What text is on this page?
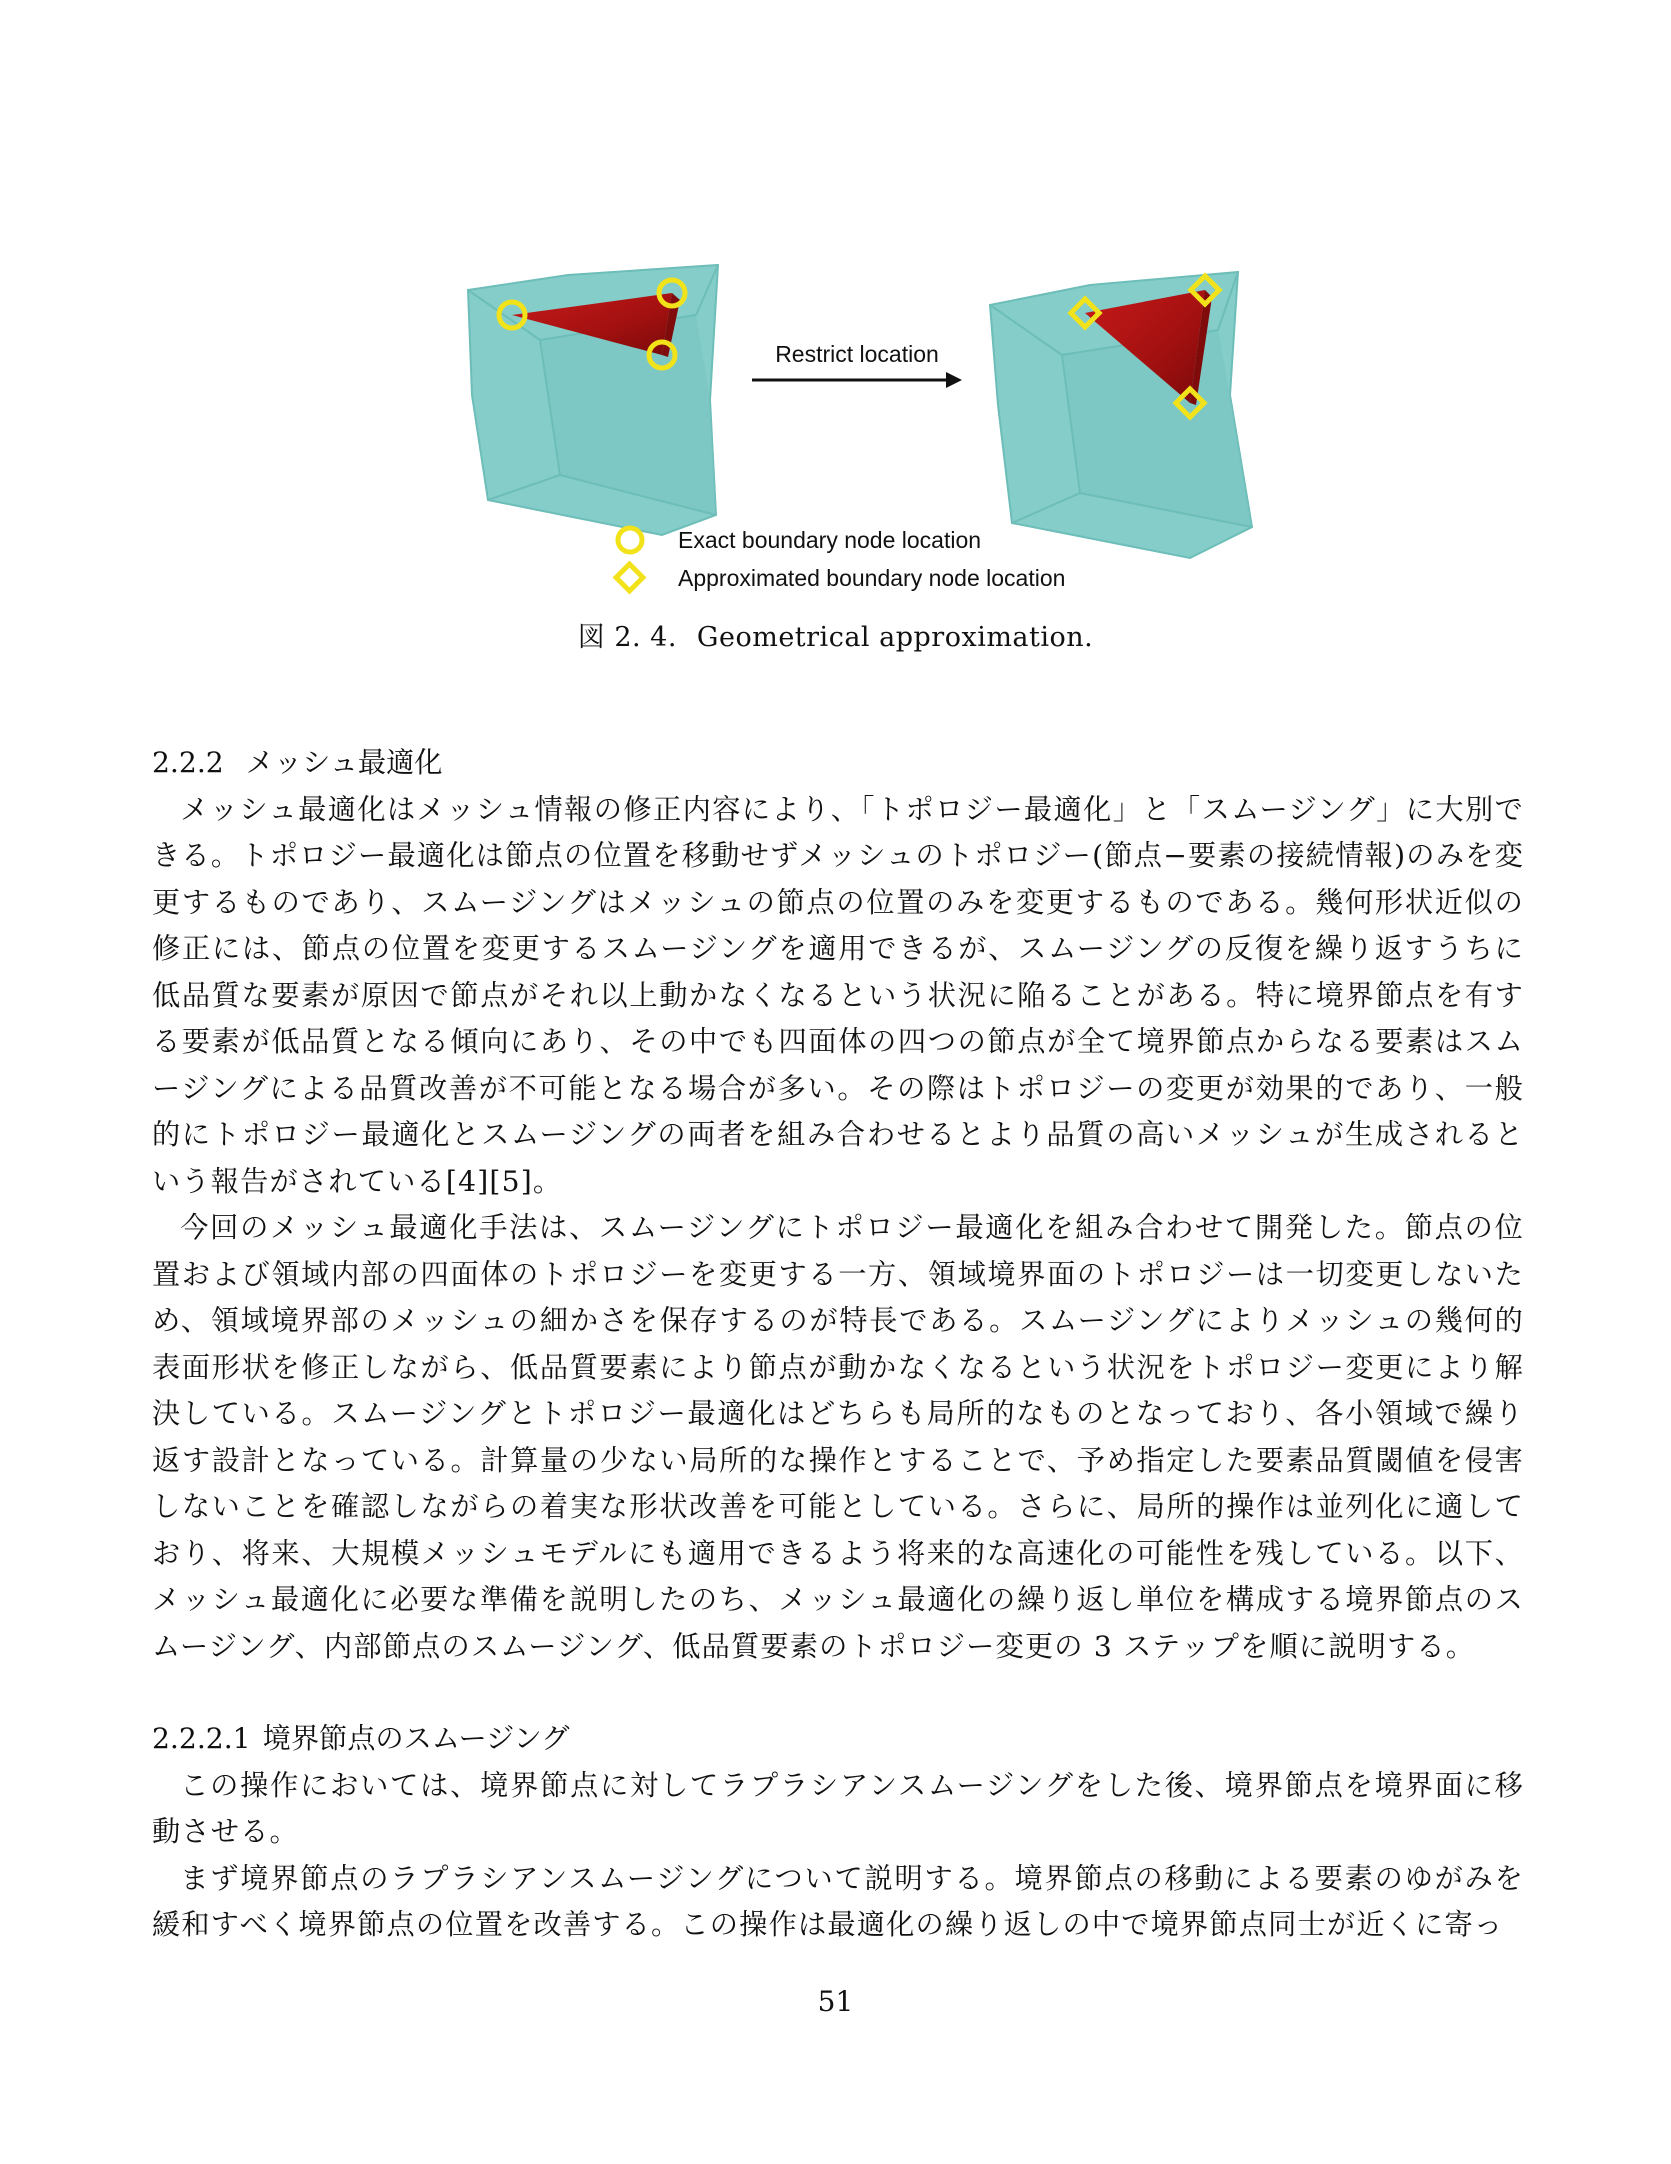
Restrict location
Exact boundary node location
Approximated boundary node location
図 2. 4. Geometrical approximation.
2.2.2 メッシュ最適化

メッシュ最適化はメッシュ情報の修正内容により、「トポロジー最適化」と「スムージング」に大別できる。トポロジー最適化は節点の位置を移動せずメッシュのトポロジー(節点−要素の接続情報)のみを変更するものであり、スムージングはメッシュの節点の位置のみを変更するものである。幾何形状近似の修正には、節点の位置を変更するスムージングを適用できるが、スムージングの反復を繰り返すうちに低品質な要素が原因で節点がそれ以上動かなくなるという状況に陥ることがある。特に境界節点を有する要素が低品質となる傾向にあり、その中でも四面体の四つの節点が全て境界節点からなる要素はスムージングによる品質改善が不可能となる場合が多い。その際はトポロジーの変更が効果的であり、一般的にトポロジー最適化とスムージングの両者を組み合わせるとより品質の高いメッシュが生成されるという報告がされている[4][5]。

今回のメッシュ最適化手法は、スムージングにトポロジー最適化を組み合わせて開発した。節点の位置および領域内部の四面体のトポロジーを変更する一方、領域境界面のトポロジーは一切変更しないため、領域境界部のメッシュの細かさを保存するのが特長である。スムージングによりメッシュの幾何的表面形状を修正しながら、低品質要素により節点が動かなくなるという状況をトポロジー変更により解決している。スムージングとトポロジー最適化はどちらも局所的なものとなっており、各小領域で繰り返す設計となっている。計算量の少ない局所的な操作とすることで、予め指定した要素品質閾値を侵害しないことを確認しながらの着実な形状改善を可能としている。さらに、局所的操作は並列化に適しており、将来、大規模メッシュモデルにも適用できるよう将来的な高速化の可能性を残している。以下、メッシュ最適化に必要な準備を説明したのち、メッシュ最適化の繰り返し単位を構成する境界節点のスムージング、内部節点のスムージング、低品質要素のトポロジー変更の 3 ステップを順に説明する。

2.2.2.1 境界節点のスムージング

この操作においては、境界節点に対してラプラシアンスムージングをした後、境界節点を境界面に移動させる。

まず境界節点のラプラシアンスムージングについて説明する。境界節点の移動による要素のゆがみを緩和すべく境界節点の位置を改善する。この操作は最適化の繰り返しの中で境界節点同士が近くに寄っ

51
